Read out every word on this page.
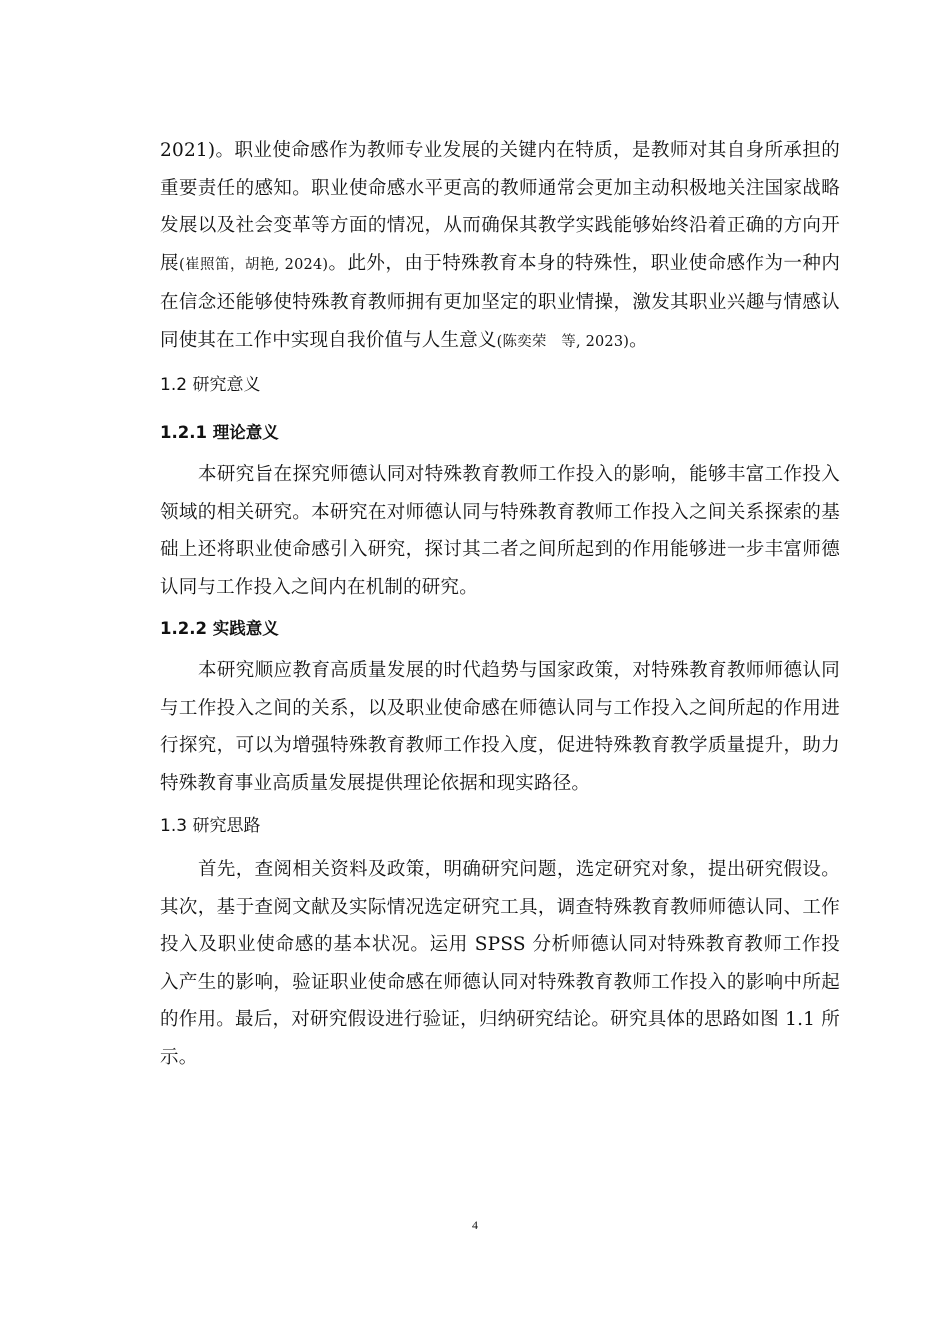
2021)。职业使命感作为教师专业发展的关键内在特质，是教师对其自身所承担的重要责任的感知。职业使命感水平更高的教师通常会更加主动积极地关注国家战略发展以及社会变革等方面的情况，从而确保其教学实践能够始终沿着正确的方向开展(崔照笛，胡艳, 2024)。此外，由于特殊教育本身的特殊性，职业使命感作为一种内在信念还能够使特殊教育教师拥有更加坚定的职业情操，激发其职业兴趣与情感认同使其在工作中实现自我价值与人生意义(陈奕荣　等, 2023)。

1.2 研究意义
1.2.1 理论意义

本研究旨在探究师德认同对特殊教育教师工作投入的影响，能够丰富工作投入领域的相关研究。本研究在对师德认同与特殊教育教师工作投入之间关系探索的基础上还将职业使命感引入研究，探讨其二者之间所起到的作用能够进一步丰富师德认同与工作投入之间内在机制的研究。

1.2.2 实践意义

本研究顺应教育高质量发展的时代趋势与国家政策，对特殊教育教师师德认同与工作投入之间的关系，以及职业使命感在师德认同与工作投入之间所起的作用进行探究，可以为增强特殊教育教师工作投入度，促进特殊教育教学质量提升，助力特殊教育事业高质量发展提供理论依据和现实路径。

1.3 研究思路

首先，查阅相关资料及政策，明确研究问题，选定研究对象，提出研究假设。其次，基于查阅文献及实际情况选定研究工具，调查特殊教育教师师德认同、工作投入及职业使命感的基本状况。运用 SPSS 分析师德认同对特殊教育教师工作投入产生的影响，验证职业使命感在师德认同对特殊教育教师工作投入的影响中所起的作用。最后，对研究假设进行验证，归纳研究结论。研究具体的思路如图 1.1 所示。

4
